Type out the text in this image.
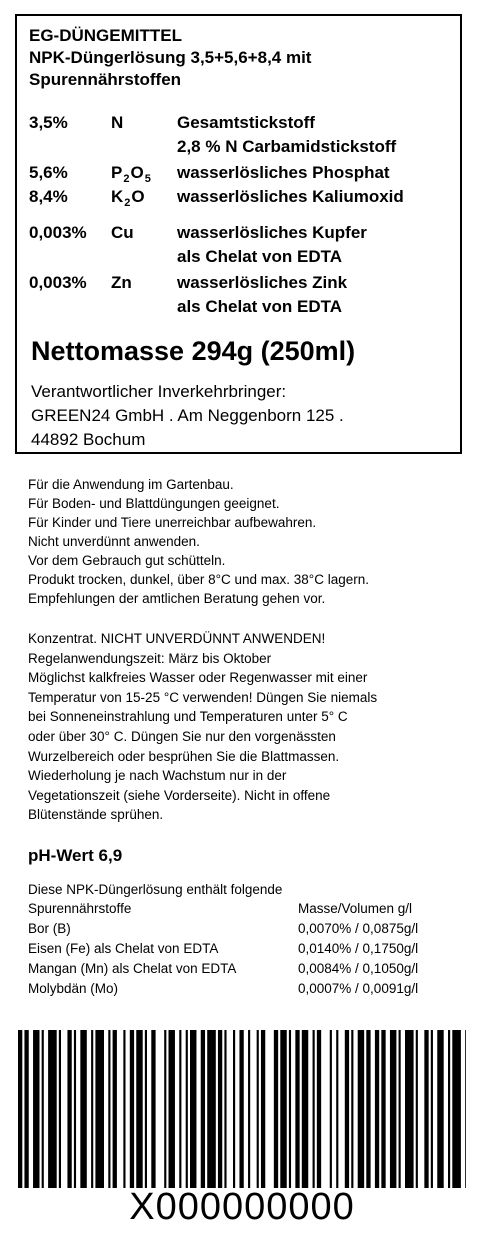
EG-DÜNGEMITTEL
NPK-Düngerlösung 3,5+5,6+8,4 mit
Spurennährstoffen
3,5%	N	Gesamtstickstoff
2,8 % N Carbamidstickstoff
5,6%	$P_2O_5$ wasserlösliches Phosphat
8,4%	$K_2O$ wasserlösliches Kaliumoxid
0,003% Cu	wasserlösliches Kupfer
als Chelat von EDTA
0,003% Zn	wasserlösliches Zink
als Chelat von EDTA
Nettomasse 294g (250ml)
Verantwortlicher Inverkehrbringer:
GREEN24 GmbH . Am Neggenborn 125 .
44892 Bochum
Für die Anwendung im Gartenbau.
Für Boden- und Blattdüngungen geeignet.
Für Kinder und Tiere unerreichbar aufbewahren.
Nicht unverdünnt anwenden.
Vor dem Gebrauch gut schütteln.
Produkt trocken, dunkel, über 8°C und max. 38°C lagern.
Empfehlungen der amtlichen Beratung gehen vor.
Konzentrat. NICHT UNVERDÜNNT ANWENDEN!
Regelanwendungszeit: März bis Oktober
Möglichst kalkfreies Wasser oder Regenwasser mit einer
Temperatur von 15-25 °C verwenden! Düngen Sie niemals
bei Sonneneinstrahlung und Temperaturen unter 5° C
oder über 30° C. Düngen Sie nur den vorgenässten
Wurzelbereich oder besprühen Sie die Blattmassen.
Wiederholung je nach Wachstum nur in der
Vegetationszeit (siehe Vorderseite). Nicht in offene
Blütenstände sprühen.
pH-Wert 6,9
Diese NPK-Düngerlösung enthält folgende
Spurennährstoffe	Masse/Volumen g/l
Bor (B)	0,0070% / 0,0875g/l
Eisen (Fe) als Chelat von EDTA	0,0140% / 0,1750g/l
Mangan (Mn) als Chelat von EDTA	0,0084% / 0,1050g/l
Molybdän (Mo)	0,0007% / 0,0091g/l
X000000000
